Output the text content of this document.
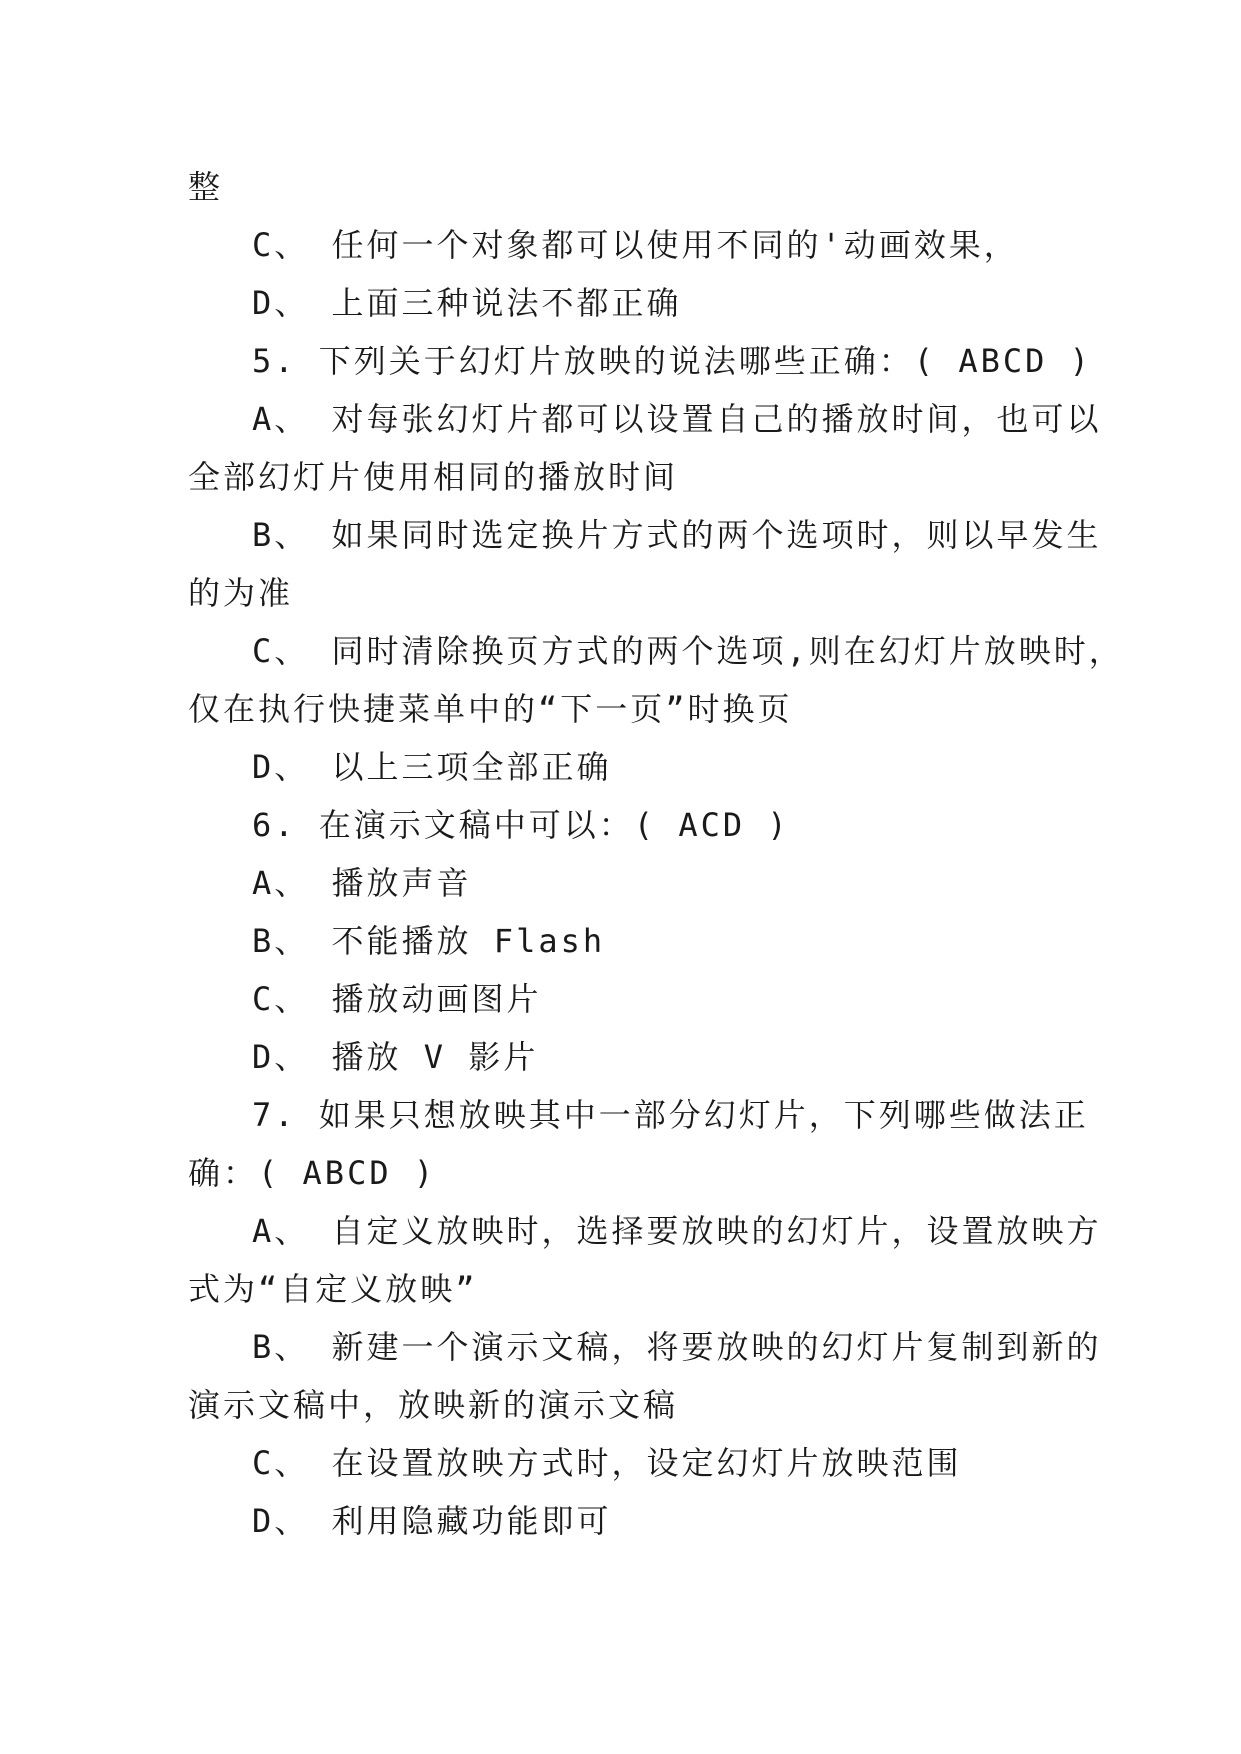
整
C、 任何一个对象都可以使用不同的'动画效果，
D、 上面三种说法不都正确
5. 下列关于幻灯片放映的说法哪些正确：( ABCD )
A、 对每张幻灯片都可以设置自己的播放时间，也可以
全部幻灯片使用相同的播放时间
B、 如果同时选定换片方式的两个选项时，则以早发生
的为准
C、 同时清除换页方式的两个选项,则在幻灯片放映时，
仅在执行快捷菜单中的“下一页”时换页
D、 以上三项全部正确
6. 在演示文稿中可以：( ACD )
A、 播放声音
B、 不能播放 Flash
C、 播放动画图片
D、 播放 V 影片
7. 如果只想放映其中一部分幻灯片，下列哪些做法正
确：( ABCD )
A、 自定义放映时，选择要放映的幻灯片，设置放映方
式为“自定义放映”
B、 新建一个演示文稿，将要放映的幻灯片复制到新的
演示文稿中，放映新的演示文稿
C、 在设置放映方式时，设定幻灯片放映范围
D、 利用隐藏功能即可
